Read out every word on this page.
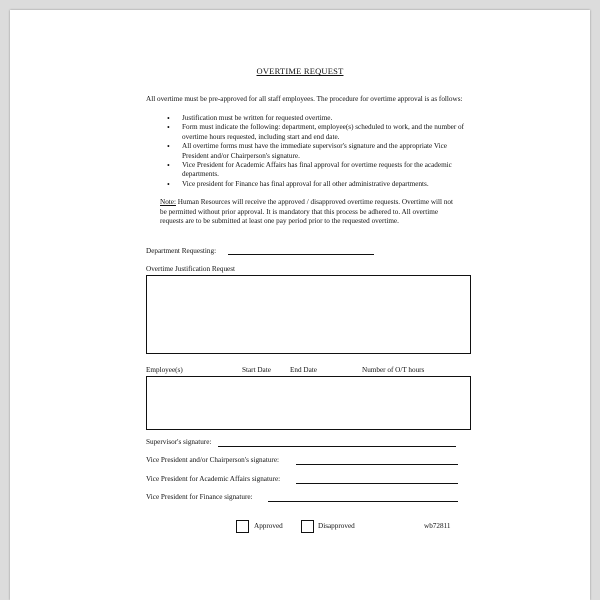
OVERTIME REQUEST
All overtime must be pre-approved for all staff employees. The procedure for overtime approval is as follows:
• Justification must be written for requested overtime.
• Form must indicate the following: department, employee(s) scheduled to work, and the number of overtime hours requested, including start and end date.
• All overtime forms must have the immediate supervisor's signature and the appropriate Vice President and/or Chairperson's signature.
• Vice President for Academic Affairs has final approval for overtime requests for the academic departments.
• Vice president for Finance has final approval for all other administrative departments.
Note: Human Resources will receive the approved / disapproved overtime requests. Overtime will not be permitted without prior approval. It is mandatory that this process be adhered to. All overtime requests are to be submitted at least one pay period prior to the requested overtime.
Department Requesting:
Overtime Justification Request
Employee(s)	Start Date	End Date	Number of O/T hours
Supervisor's signature:
Vice President and/or Chairperson's signature:
Vice President for Academic Affairs signature:
Vice President for Finance signature:
Approved	Disapproved	wb72811
